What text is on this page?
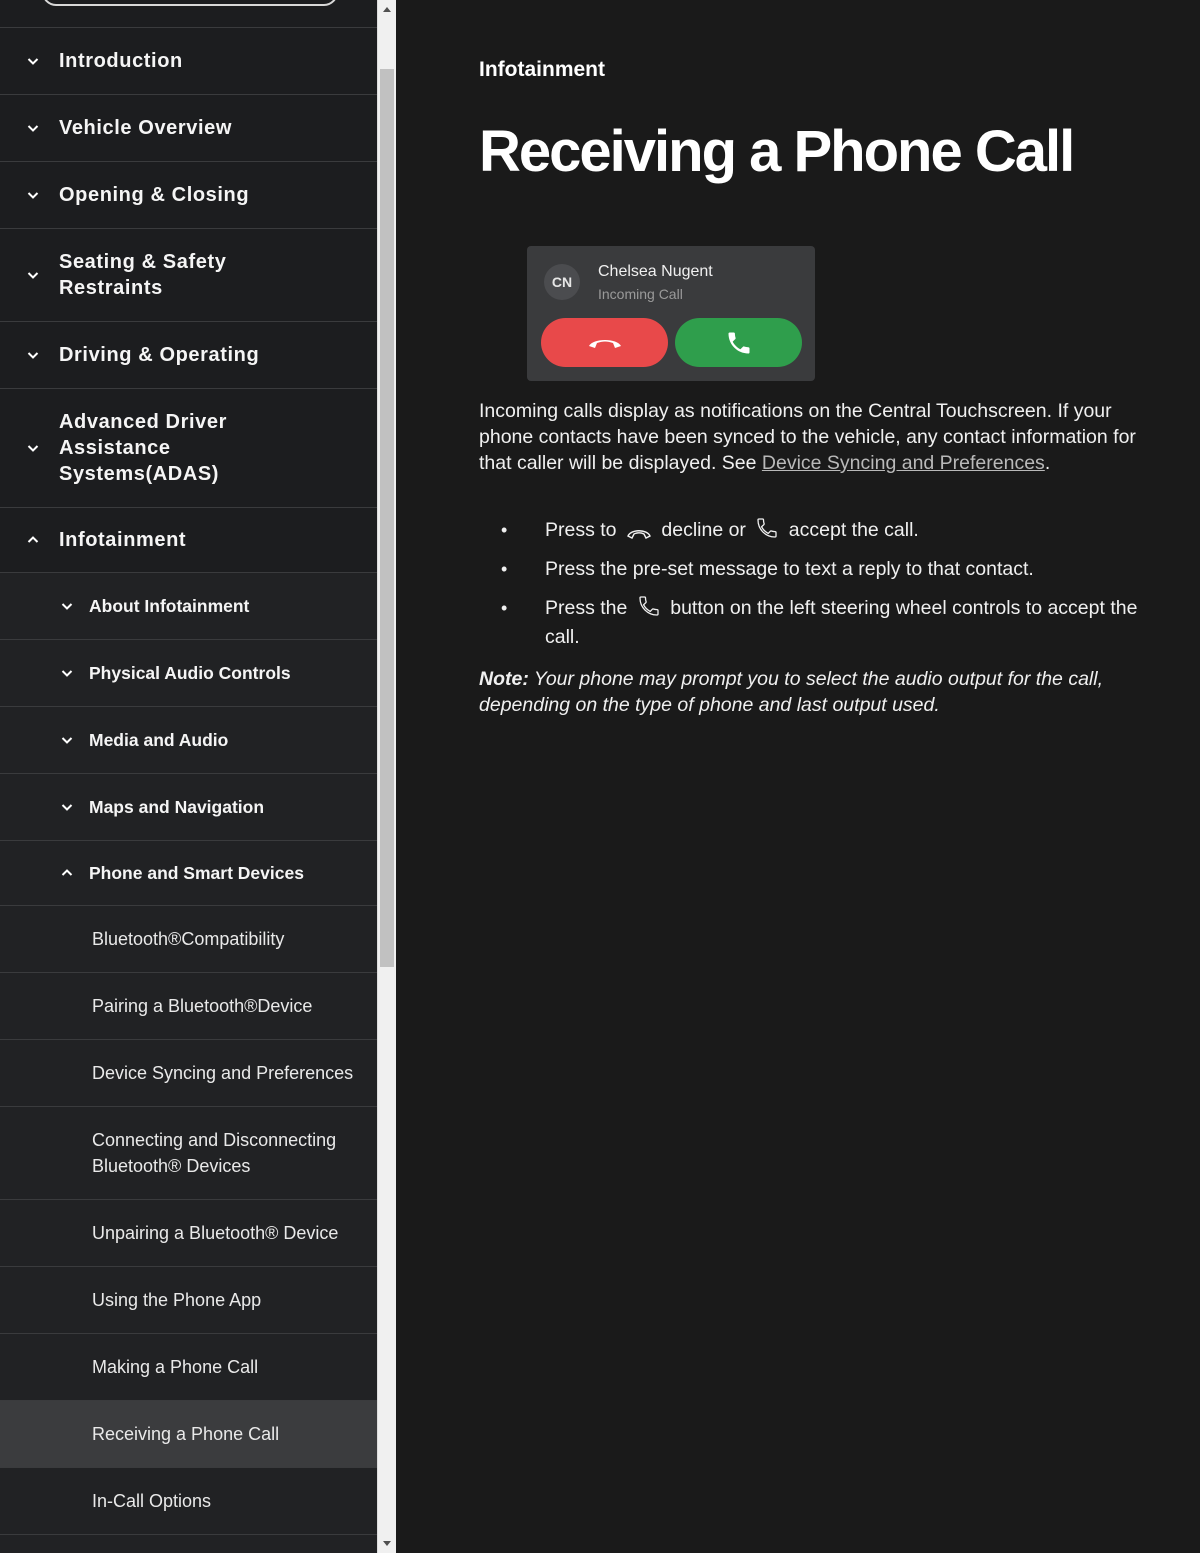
Introduction
Vehicle Overview
Opening & Closing
Seating & Safety Restraints
Driving & Operating
Advanced Driver Assistance Systems(ADAS)
Infotainment
About Infotainment
Physical Audio Controls
Media and Audio
Maps and Navigation
Phone and Smart Devices
Bluetooth®Compatibility
Pairing a Bluetooth®Device
Device Syncing and Preferences
Connecting and Disconnecting Bluetooth® Devices
Unpairing a Bluetooth® Device
Using the Phone App
Making a Phone Call
Receiving a Phone Call
In-Call Options
Infotainment
Receiving a Phone Call
CN
Chelsea Nugent
Incoming Call

Incoming calls display as notifications on the Central Touchscreen. If your phone contacts have been synced to the vehicle, any contact information for that caller will be displayed. See Device Syncing and Preferences.

• Press to decline or accept the call.
• Press the pre-set message to text a reply to that contact.
• Press the button on the left steering wheel controls to accept the call.

Note: Your phone may prompt you to select the audio output for the call, depending on the type of phone and last output used.
